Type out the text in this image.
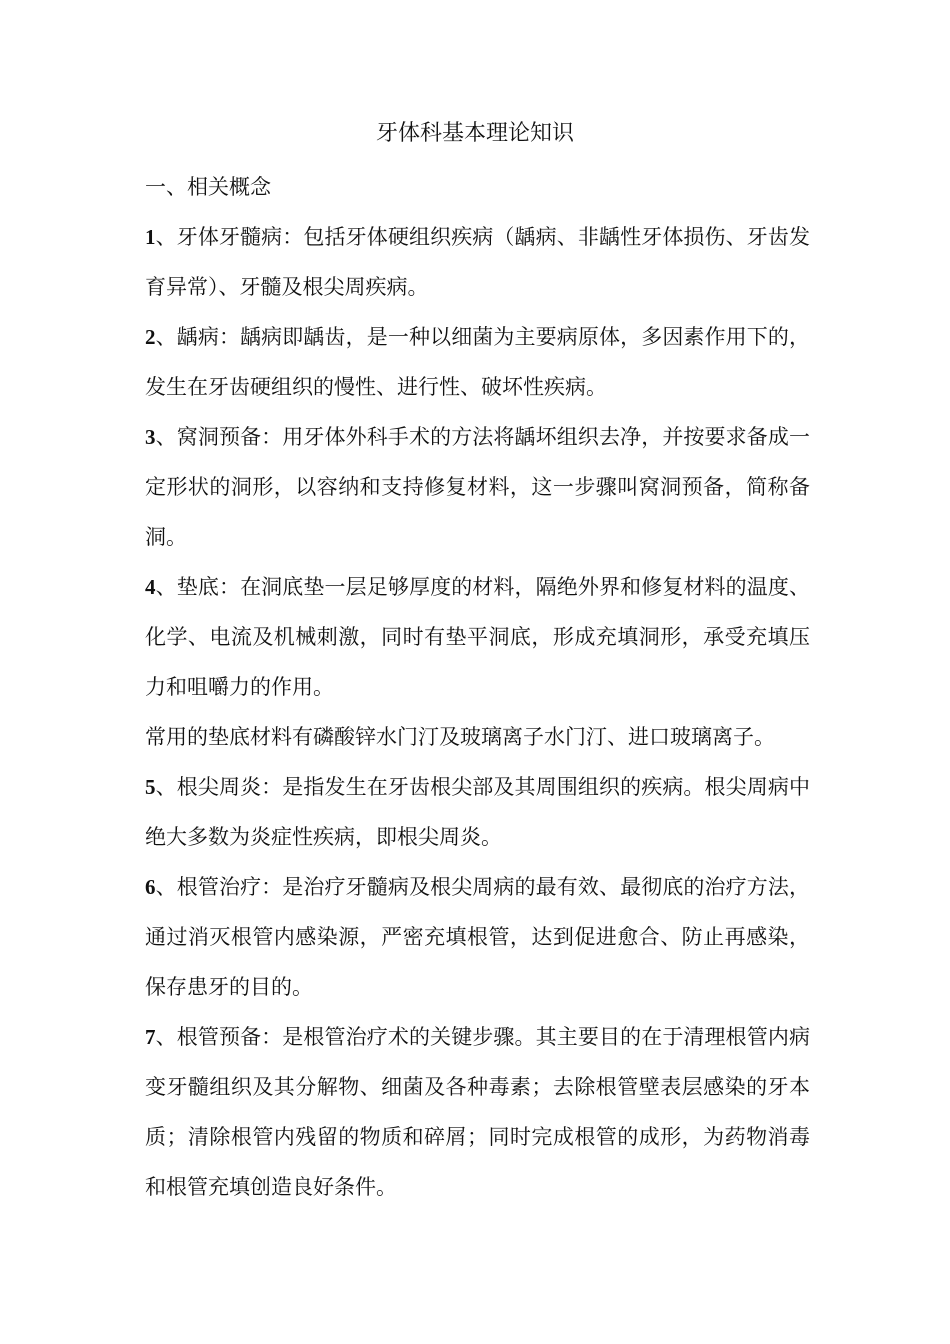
牙体科基本理论知识
一、相关概念

1、牙体牙髓病：包括牙体硬组织疾病（龋病、非龋性牙体损伤、牙齿发育异常）、牙髓及根尖周疾病。

2、龋病：龋病即龋齿，是一种以细菌为主要病原体，多因素作用下的，发生在牙齿硬组织的慢性、进行性、破坏性疾病。

3、窝洞预备：用牙体外科手术的方法将龋坏组织去净，并按要求备成一定形状的洞形，以容纳和支持修复材料，这一步骤叫窝洞预备，简称备洞。

4、垫底：在洞底垫一层足够厚度的材料，隔绝外界和修复材料的温度、化学、电流及机械刺激，同时有垫平洞底，形成充填洞形，承受充填压力和咀嚼力的作用。

常用的垫底材料有磷酸锌水门汀及玻璃离子水门汀、进口玻璃离子。

5、根尖周炎：是指发生在牙齿根尖部及其周围组织的疾病。根尖周病中绝大多数为炎症性疾病，即根尖周炎。

6、根管治疗：是治疗牙髓病及根尖周病的最有效、最彻底的治疗方法，通过消灭根管内感染源，严密充填根管，达到促进愈合、防止再感染，保存患牙的目的。

7、根管预备：是根管治疗术的关键步骤。其主要目的在于清理根管内病变牙髓组织及其分解物、细菌及各种毒素；去除根管壁表层感染的牙本质；清除根管内残留的物质和碎屑；同时完成根管的成形，为药物消毒和根管充填创造良好条件。
